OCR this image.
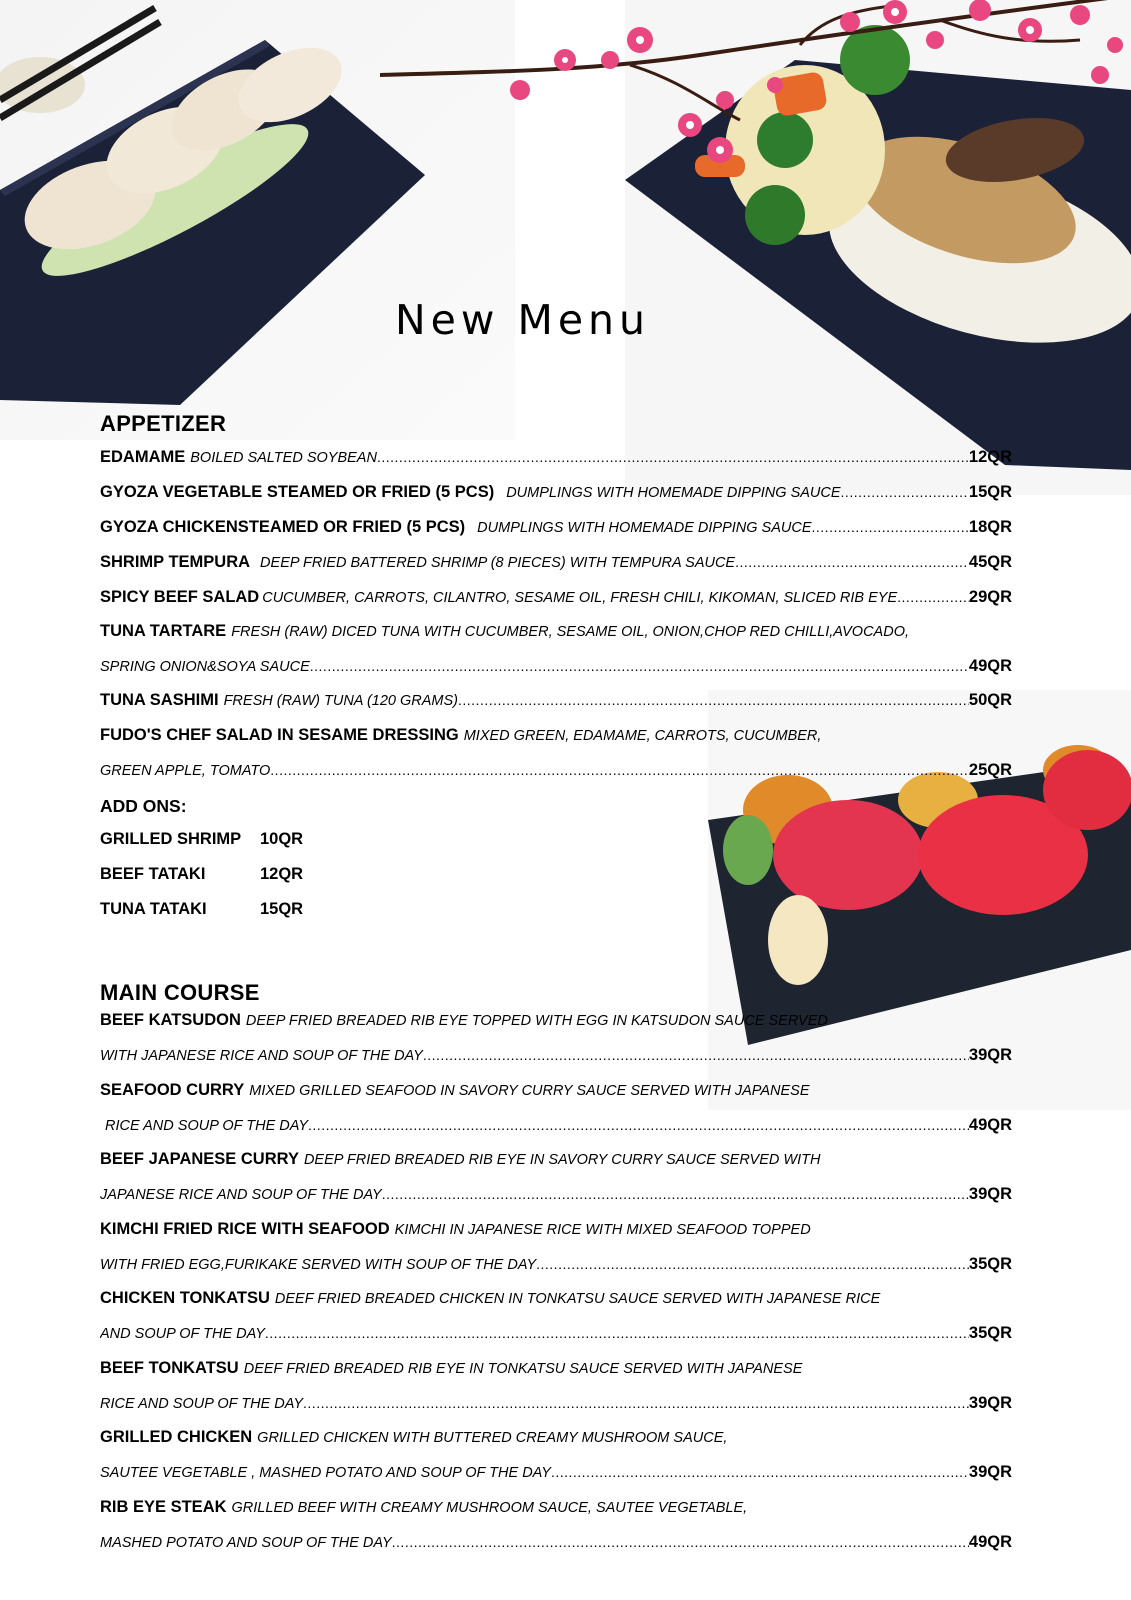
New Menu
APPETIZER
EDAMAME BOILED SALTED SOYBEAN .....	12QR
GYOZA VEGETABLE STEAMED OR FRIED (5 PCS) DUMPLINGS WITH HOMEMADE DIPPING SAUCE .....	15QR
GYOZA CHICKENSTEAMED OR FRIED (5 PCS) DUMPLINGS WITH HOMEMADE DIPPING SAUCE .....	18QR
SHRIMP TEMPURA DEEP FRIED BATTERED SHRIMP (8 PIECES) WITH TEMPURA SAUCE .....	45QR
SPICY BEEF SALAD CUCUMBER, CARROTS, CILANTRO, SESAME OIL, FRESH CHILI, KIKOMAN, SLICED RIB EYE .....	29QR
TUNA TARTARE FRESH (RAW) DICED TUNA WITH CUCUMBER, SESAME OIL, ONION,CHOP RED CHILLI,AVOCADO,
SPRING ONION&SOYA SAUCE .....	49QR
TUNA SASHIMI FRESH (RAW) TUNA (120 GRAMS) .....	50QR
FUDO'S CHEF SALAD IN SESAME DRESSING MIXED GREEN, EDAMAME, CARROTS, CUCUMBER,
GREEN APPLE, TOMATO .....	25QR
ADD ONS:
GRILLED SHRIMP 10QR
BEEF TATAKI	12QR
TUNA TATAKI	15QR
MAIN COURSE
BEEF KATSUDON DEEP FRIED BREADED RIB EYE TOPPED WITH EGG IN KATSUDON SAUCE SERVED
WITH JAPANESE RICE AND SOUP OF THE DAY .....	39QR
SEAFOOD CURRY MIXED GRILLED SEAFOOD IN SAVORY CURRY SAUCE SERVED WITH JAPANESE
RICE AND SOUP OF THE DAY .....	49QR
BEEF JAPANESE CURRY DEEP FRIED BREADED RIB EYE IN SAVORY CURRY SAUCE SERVED WITH
JAPANESE RICE AND SOUP OF THE DAY .....	39QR
KIMCHI FRIED RICE WITH SEAFOOD KIMCHI IN JAPANESE RICE WITH MIXED SEAFOOD TOPPED
WITH FRIED EGG,FURIKAKE SERVED WITH SOUP OF THE DAY .....	35QR
CHICKEN TONKATSU DEEF FRIED BREADED CHICKEN IN TONKATSU SAUCE SERVED WITH JAPANESE RICE
AND SOUP OF THE DAY .....	35QR
BEEF TONKATSU DEEF FRIED BREADED RIB EYE IN TONKATSU SAUCE SERVED WITH JAPANESE
RICE AND SOUP OF THE DAY .....	39QR
GRILLED CHICKEN GRILLED CHICKEN WITH BUTTERED CREAMY MUSHROOM SAUCE,
SAUTEE VEGETABLE , MASHED POTATO AND SOUP OF THE DAY .....	39QR
RIB EYE STEAK GRILLED BEEF WITH CREAMY MUSHROOM SAUCE, SAUTEE VEGETABLE,
MASHED POTATO AND SOUP OF THE DAY .....	49QR
